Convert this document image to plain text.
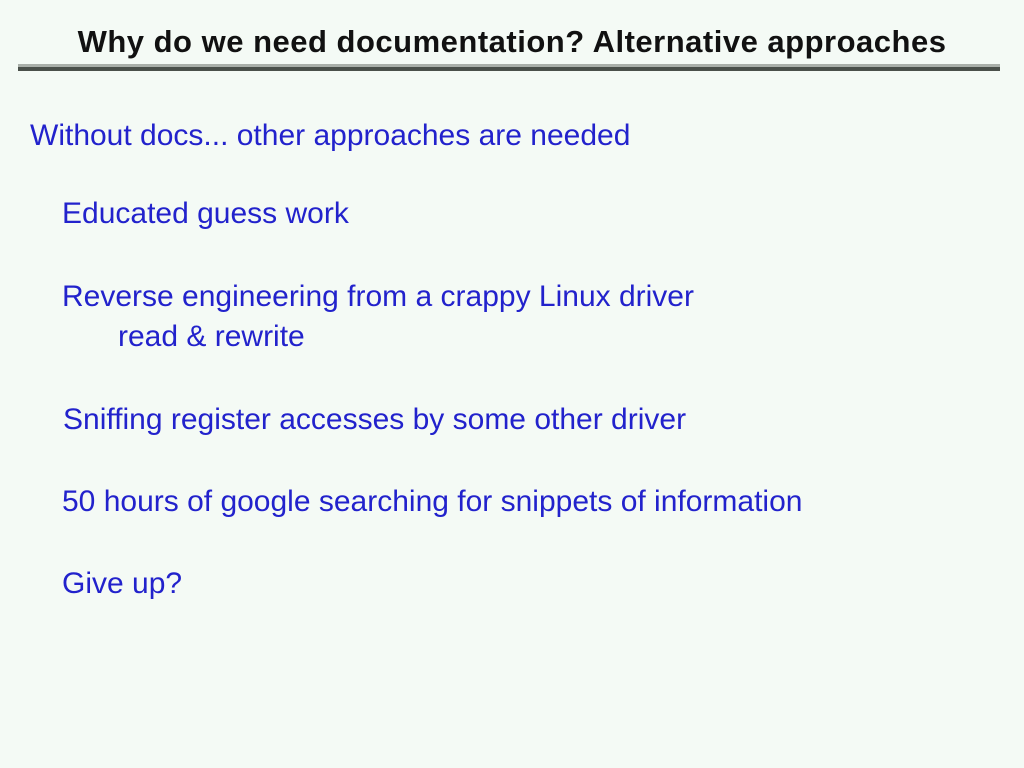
Why do we need documentation? Alternative approaches
Without docs... other approaches are needed
Educated guess work
Reverse engineering from a crappy Linux driver
read & rewrite
Sniffing register accesses by some other driver
50 hours of google searching for snippets of information
Give up?
